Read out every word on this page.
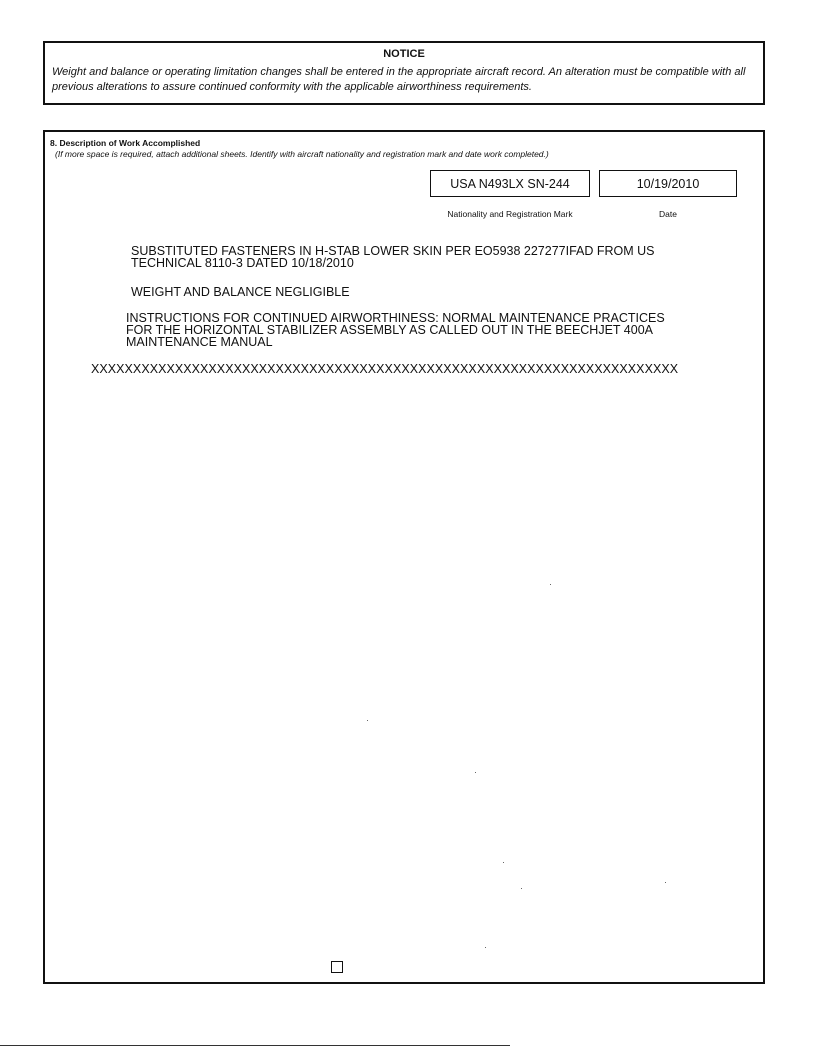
NOTICE
Weight and balance or operating limitation changes shall be entered in the appropriate aircraft record. An alteration must be compatible with all previous alterations to assure continued conformity with the applicable airworthiness requirements.
8. Description of Work Accomplished
(If more space is required, attach additional sheets. Identify with aircraft nationality and registration mark and date work completed.)
USA N493LX SN-244	10/19/2010
Nationality and Registration Mark	Date
SUBSTITUTED FASTENERS IN H-STAB LOWER SKIN PER EO5938 227277IFAD FROM US
TECHNICAL 8110-3 DATED 10/18/2010
WEIGHT AND BALANCE NEGLIGIBLE
INSTRUCTIONS FOR CONTINUED AIRWORTHINESS: NORMAL MAINTENANCE PRACTICES
FOR THE HORIZONTAL STABILIZER ASSEMBLY AS CALLED OUT IN THE BEECHJET 400A
MAINTENANCE MANUAL
XXXXXXXXXXXXXXXXXXXXXXXXXXXXXXXXXXXXXXXXXXXXXXXXXXXXXXXXXXXXXXXXXXXXXX
